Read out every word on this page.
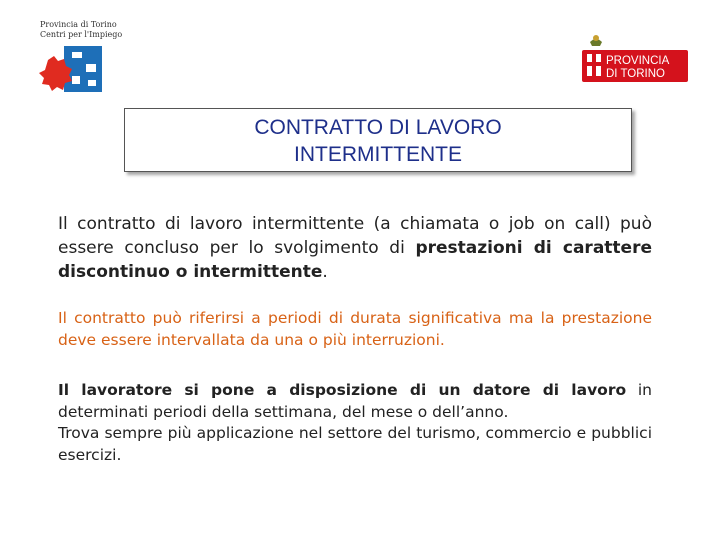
Provincia di Torino
Centri per l'Impiego
PROVINCIA
DI TORINO
CONTRATTO DI LAVORO
INTERMITTENTE

Il contratto di lavoro intermittente (a chiamata o job on call) può essere concluso per lo svolgimento di prestazioni di carattere discontinuo o intermittente.

Il contratto può riferirsi a periodi di durata significativa ma la prestazione deve essere intervallata da una o più interruzioni.

Il lavoratore si pone a disposizione di un datore di lavoro in determinati periodi della settimana, del mese o dell’anno.
Trova sempre più applicazione nel settore del turismo, commercio e pubblici esercizi.
